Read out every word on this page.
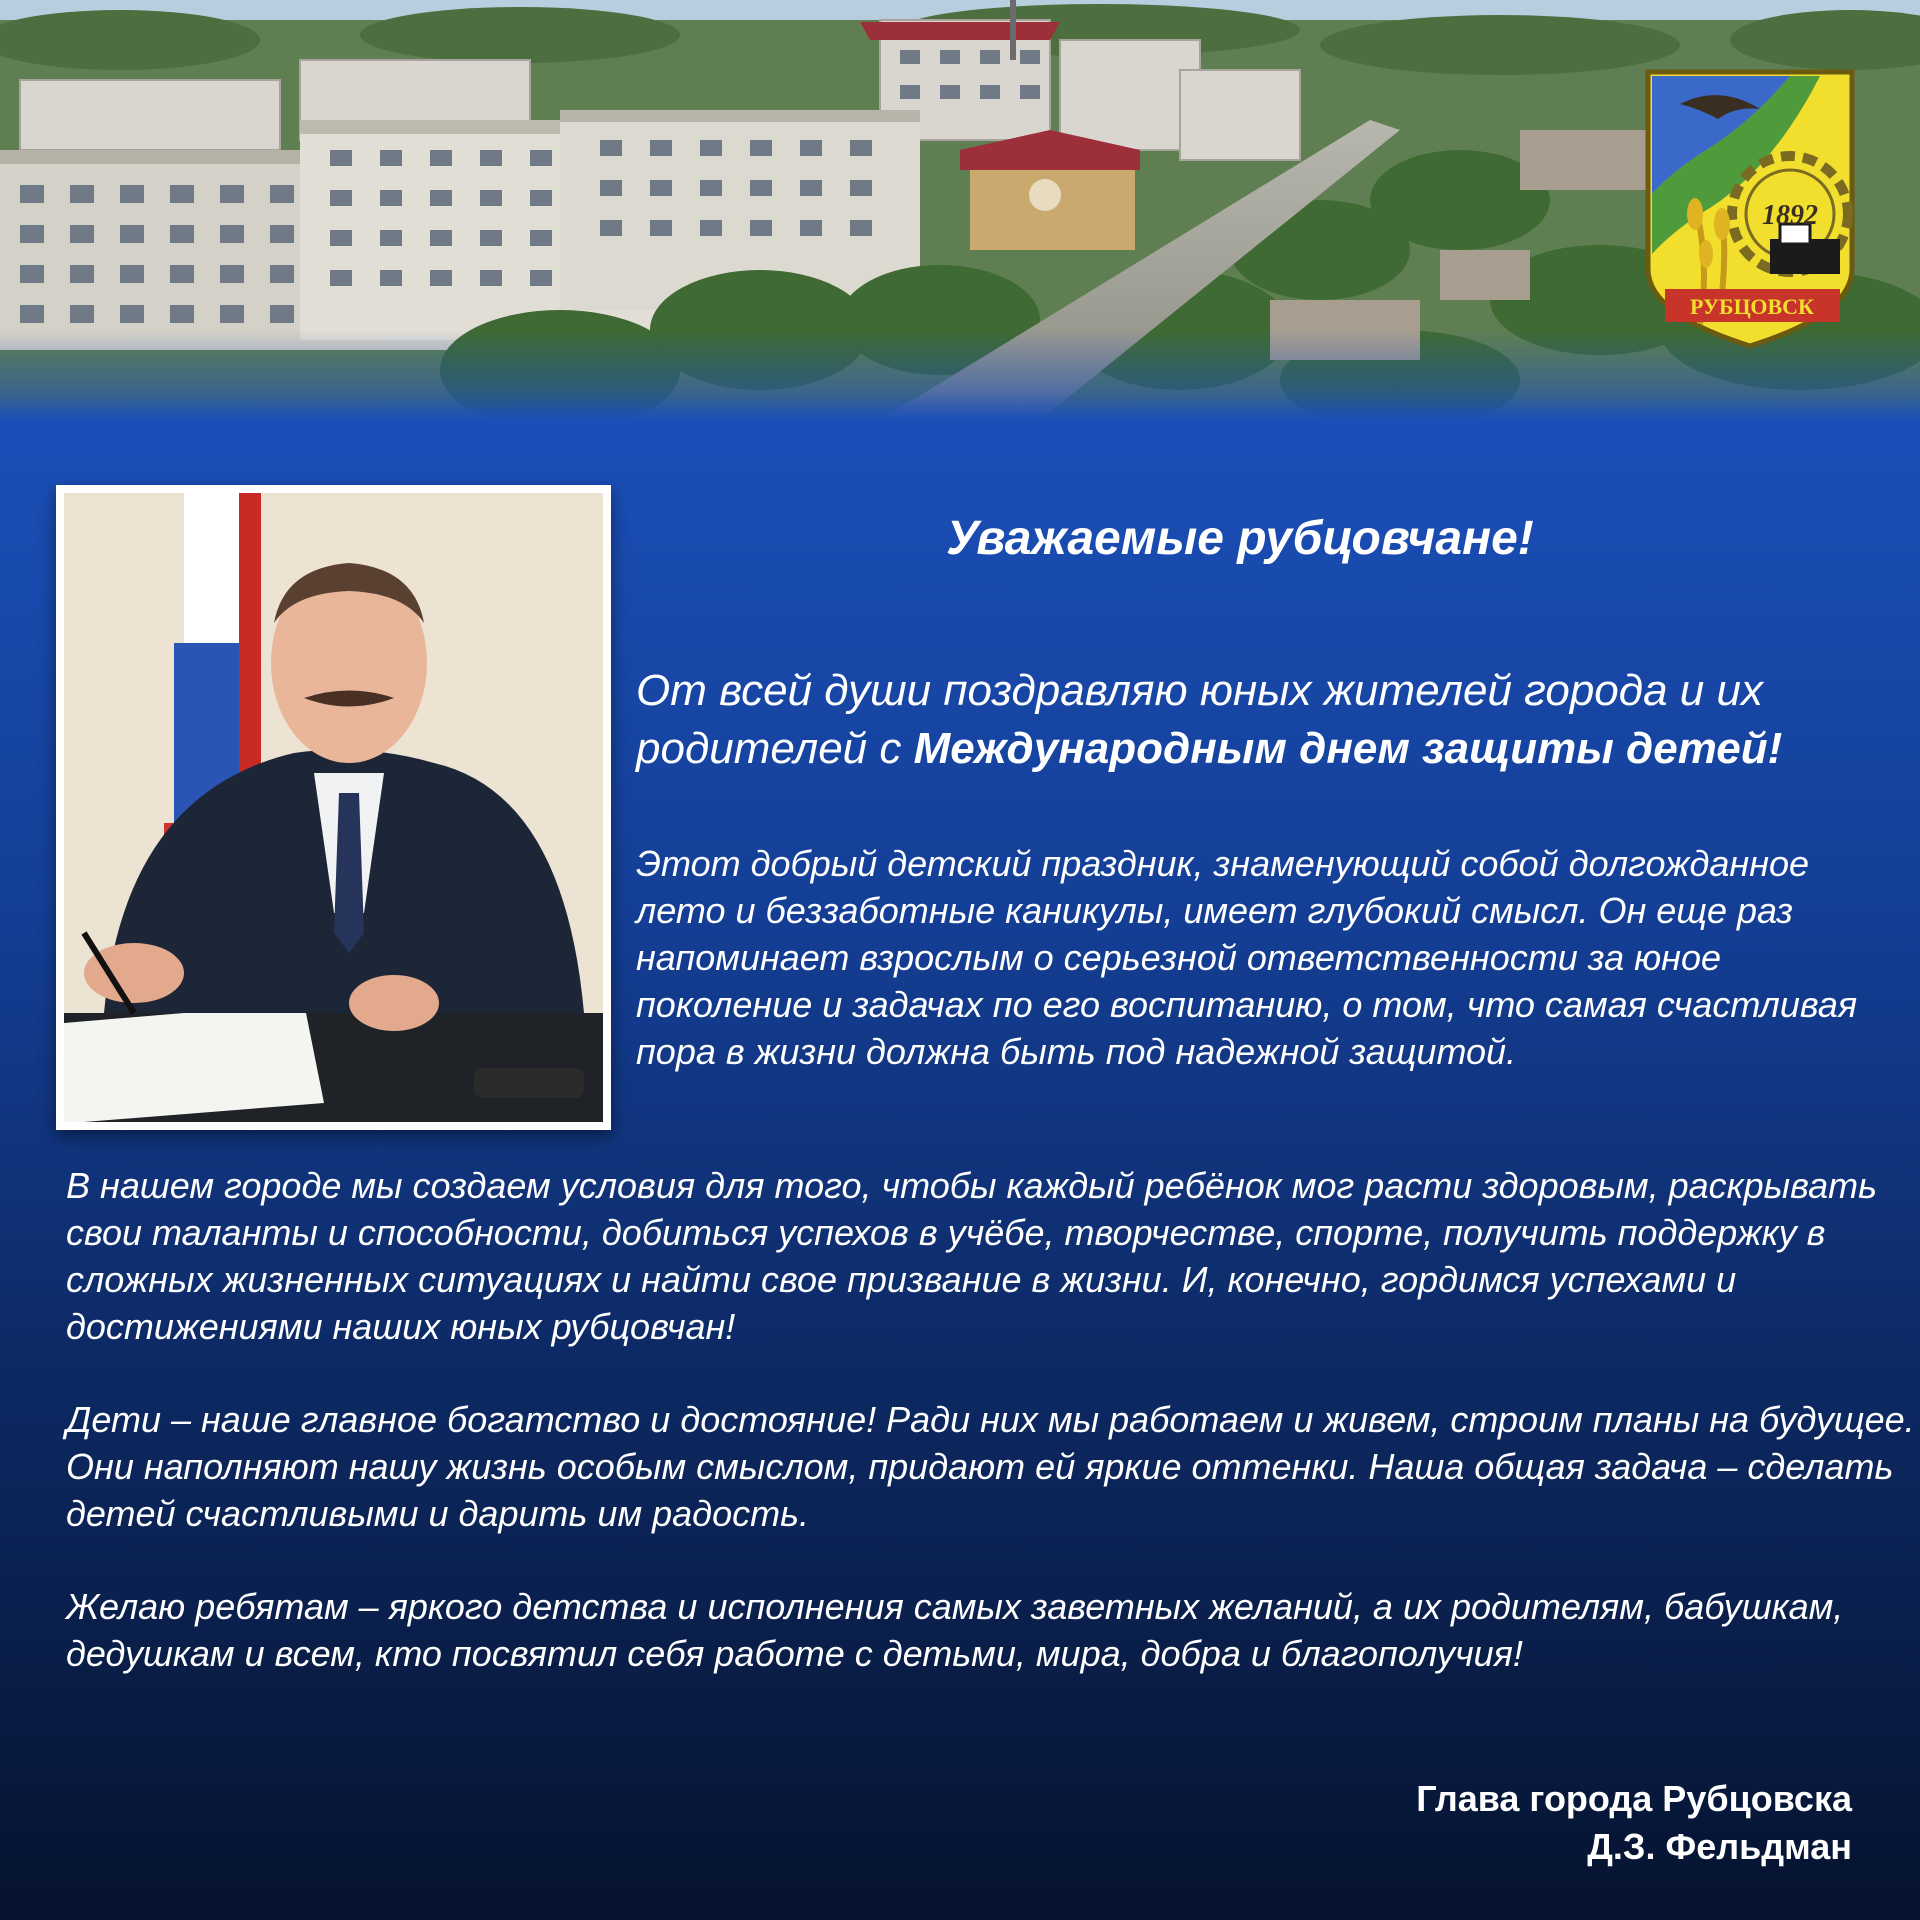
РУБЦОВСК
1892
Уважаемые рубцовчане!

От всей души поздравляю юных жителей города и их родителей с Международным днем защиты детей!

Этот добрый детский праздник, знаменующий собой долгожданное лето и беззаботные каникулы, имеет глубокий смысл. Он еще раз напоминает взрослым о серьезной ответственности за юное поколение и задачах по его воспитанию, о том, что самая счастливая пора в жизни должна быть под надежной защитой.

В нашем городе мы создаем условия для того, чтобы каждый ребёнок мог расти здоровым, раскрывать свои таланты и способности, добиться успехов в учёбе, творчестве, спорте, получить поддержку в сложных жизненных ситуациях и найти свое призвание в жизни. И, конечно, гордимся успехами и достижениями наших юных рубцовчан!

Дети – наше главное богатство и достояние! Ради них мы работаем и живем, строим планы на будущее. Они наполняют нашу жизнь особым смыслом, придают ей яркие оттенки. Наша общая задача – сделать детей счастливыми и дарить им радость.

Желаю ребятам – яркого детства и исполнения самых заветных желаний, а их родителям, бабушкам, дедушкам и всем, кто посвятил себя работе с детьми, мира, добра и благополучия!

Глава города Рубцовска
Д.З. Фельдман
